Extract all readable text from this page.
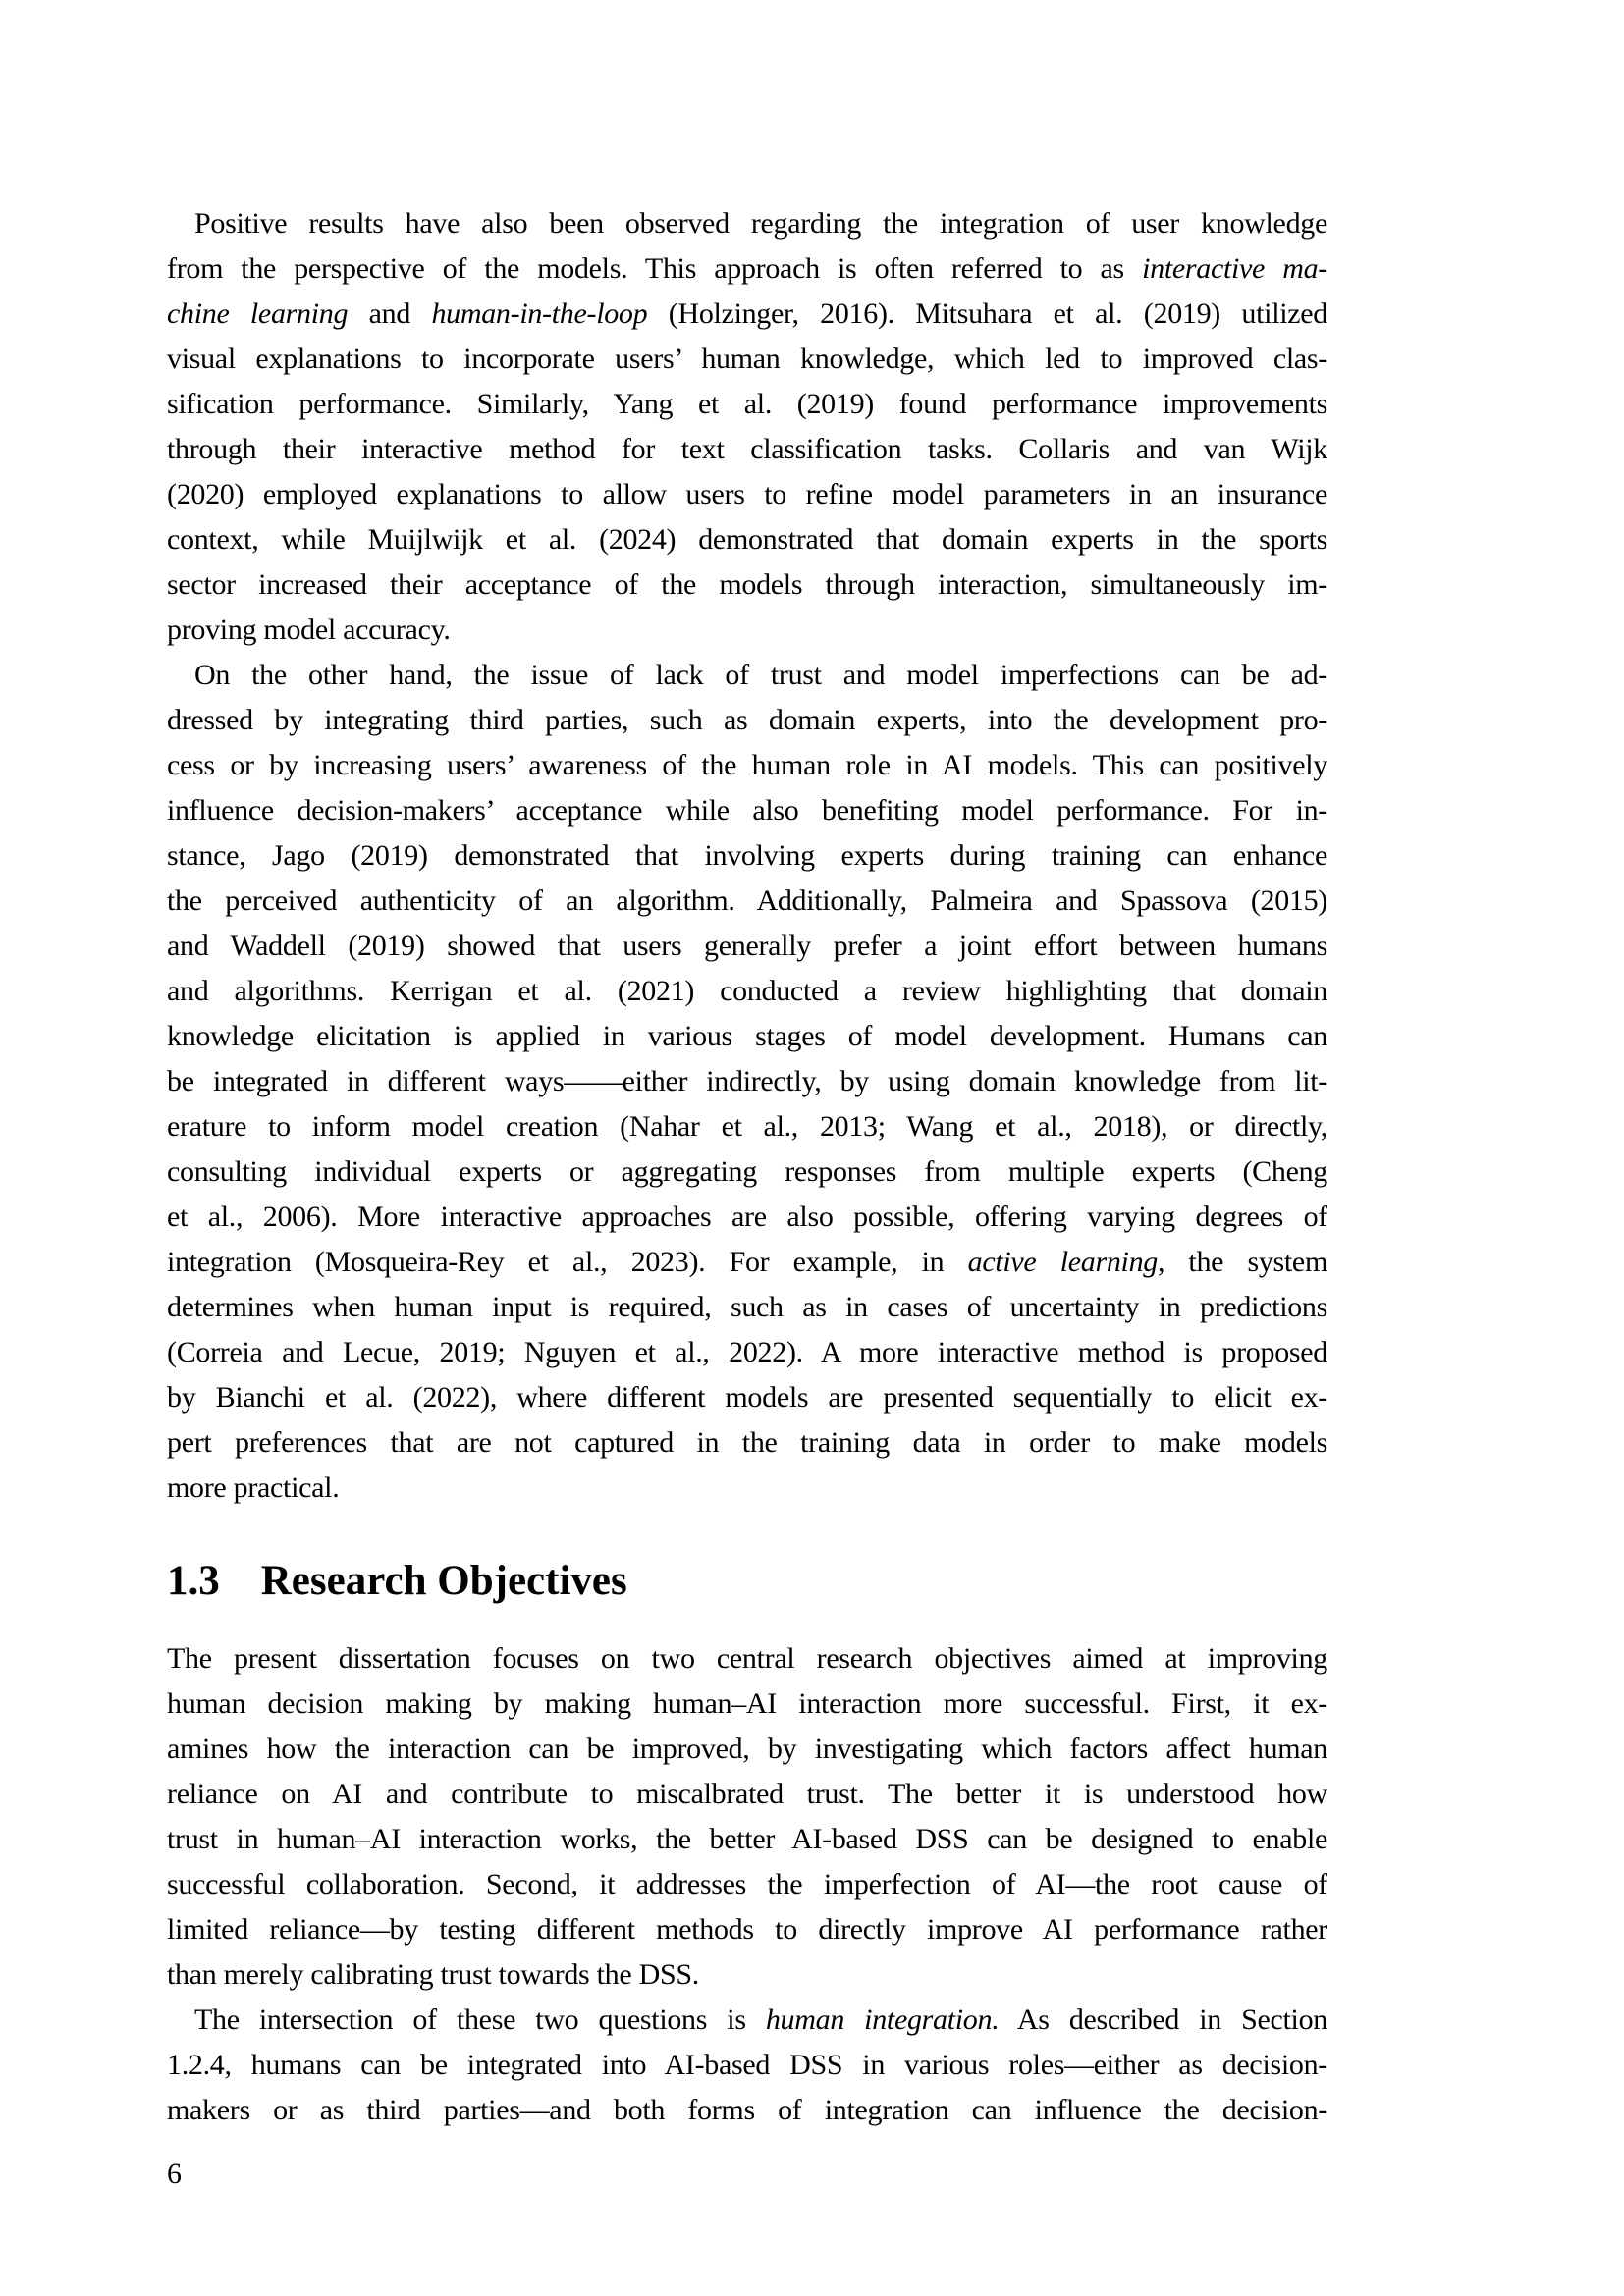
Positive results have also been observed regarding the integration of user knowledge
from the perspective of the models. This approach is often referred to as interactive ma-
chine learning and human-in-the-loop (Holzinger, 2016). Mitsuhara et al. (2019) utilized
visual explanations to incorporate users’ human knowledge, which led to improved clas-
sification performance. Similarly, Yang et al. (2019) found performance improvements
through their interactive method for text classification tasks. Collaris and van Wijk
(2020) employed explanations to allow users to refine model parameters in an insurance
context, while Muijlwijk et al. (2024) demonstrated that domain experts in the sports
sector increased their acceptance of the models through interaction, simultaneously im-
proving model accuracy.
On the other hand, the issue of lack of trust and model imperfections can be ad-
dressed by integrating third parties, such as domain experts, into the development pro-
cess or by increasing users’ awareness of the human role in AI models. This can positively
influence decision-makers’ acceptance while also benefiting model performance. For in-
stance, Jago (2019) demonstrated that involving experts during training can enhance
the perceived authenticity of an algorithm. Additionally, Palmeira and Spassova (2015)
and Waddell (2019) showed that users generally prefer a joint effort between humans
and algorithms. Kerrigan et al. (2021) conducted a review highlighting that domain
knowledge elicitation is applied in various stages of model development. Humans can
be integrated in different ways——either indirectly, by using domain knowledge from lit-
erature to inform model creation (Nahar et al., 2013; Wang et al., 2018), or directly,
consulting individual experts or aggregating responses from multiple experts (Cheng
et al., 2006). More interactive approaches are also possible, offering varying degrees of
integration (Mosqueira-Rey et al., 2023). For example, in active learning, the system
determines when human input is required, such as in cases of uncertainty in predictions
(Correia and Lecue, 2019; Nguyen et al., 2022). A more interactive method is proposed
by Bianchi et al. (2022), where different models are presented sequentially to elicit ex-
pert preferences that are not captured in the training data in order to make models
more practical.
1.3 Research Objectives
The present dissertation focuses on two central research objectives aimed at improving
human decision making by making human–AI interaction more successful. First, it ex-
amines how the interaction can be improved, by investigating which factors affect human
reliance on AI and contribute to miscalbrated trust. The better it is understood how
trust in human–AI interaction works, the better AI-based DSS can be designed to enable
successful collaboration. Second, it addresses the imperfection of AI—the root cause of
limited reliance—by testing different methods to directly improve AI performance rather
than merely calibrating trust towards the DSS.
The intersection of these two questions is human integration. As described in Section
1.2.4, humans can be integrated into AI-based DSS in various roles—either as decision-
makers or as third parties—and both forms of integration can influence the decision-
6
